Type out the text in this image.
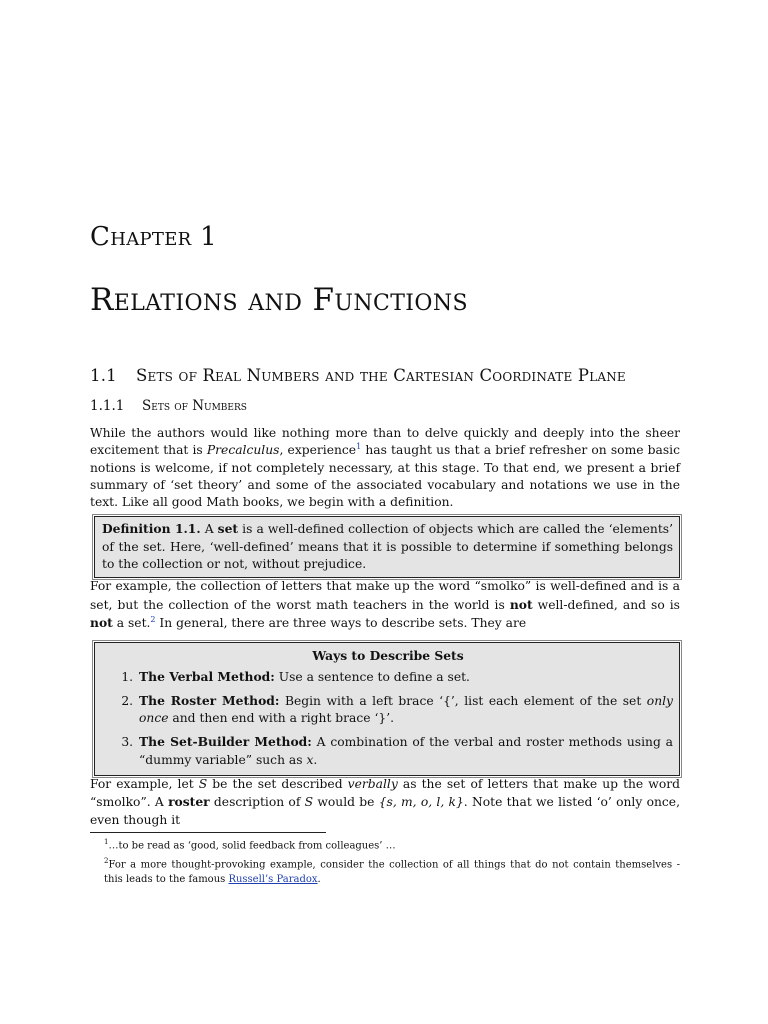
Chapter 1
Relations and Functions
1.1 Sets of Real Numbers and the Cartesian Coordinate Plane
1.1.1 Sets of Numbers

While the authors would like nothing more than to delve quickly and deeply into the sheer excitement that is Precalculus, experience$^1$ has taught us that a brief refresher on some basic notions is welcome, if not completely necessary, at this stage. To that end, we present a brief summary of ‘set theory’ and some of the associated vocabulary and notations we use in the text. Like all good Math books, we begin with a definition.

Definition 1.1. A set is a well-defined collection of objects which are called the ‘elements’ of the set. Here, ‘well-defined’ means that it is possible to determine if something belongs to the collection or not, without prejudice.

For example, the collection of letters that make up the word “smolko” is well-defined and is a set, but the collection of the worst math teachers in the world is not well-defined, and so is not a set.$^2$ In general, there are three ways to describe sets. They are

Ways to Describe Sets
1. The Verbal Method: Use a sentence to define a set.
2. The Roster Method: Begin with a left brace ‘{’, list each element of the set only once and then end with a right brace ‘}’.
3. The Set-Builder Method: A combination of the verbal and roster methods using a “dummy variable” such as x.

For example, let S be the set described verbally as the set of letters that make up the word “smolko”. A roster description of S would be {s, m, o, l, k}. Note that we listed ‘o’ only once, even though it

$^1$…to be read as ‘good, solid feedback from colleagues’ …
$^2$For a more thought-provoking example, consider the collection of all things that do not contain themselves - this leads to the famous Russell’s Paradox.
